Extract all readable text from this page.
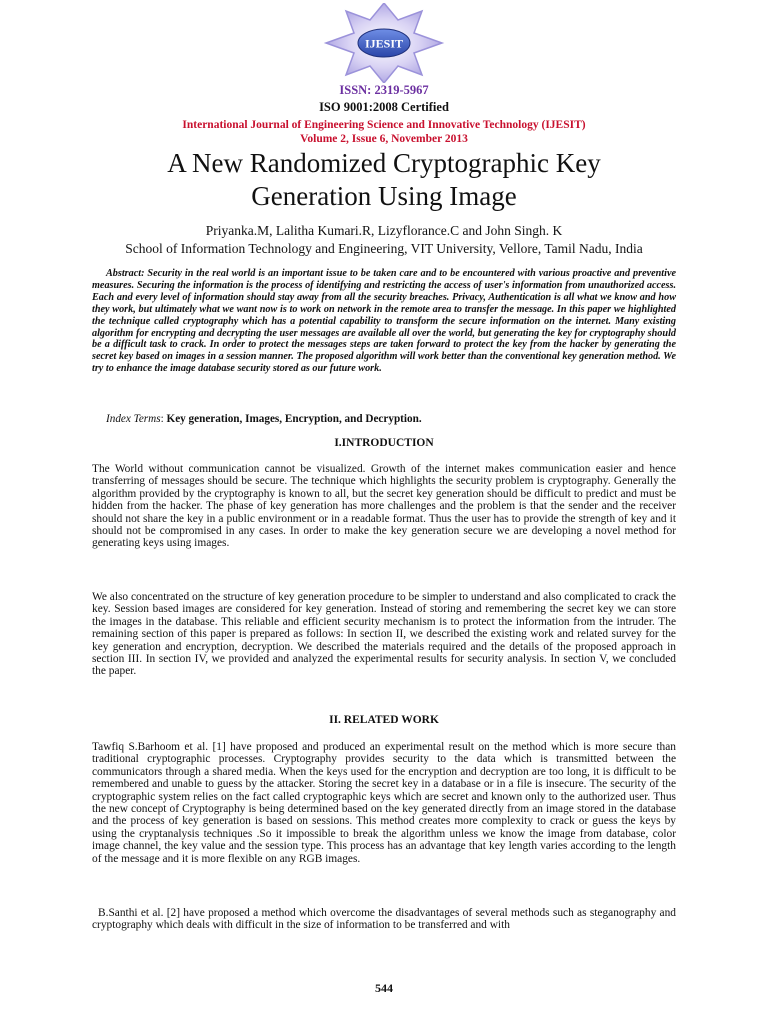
IJESIT
ISSN: 2319-5967
ISO 9001:2008 Certified
International Journal of Engineering Science and Innovative Technology (IJESIT)
Volume 2, Issue 6, November 2013
A New Randomized Cryptographic Key
Generation Using Image
Priyanka.M, Lalitha Kumari.R, Lizyflorance.C and John Singh. K
School of Information Technology and Engineering, VIT University, Vellore, Tamil Nadu, India
Abstract: Security in the real world is an important issue to be taken care and to be encountered with various proactive and preventive measures. Securing the information is the process of identifying and restricting the access of user's information from unauthorized access. Each and every level of information should stay away from all the security breaches. Privacy, Authentication is all what we know and how they work, but ultimately what we want now is to work on network in the remote area to transfer the message. In this paper we highlighted the technique called cryptography which has a potential capability to transform the secure information on the internet. Many existing algorithm for encrypting and decrypting the user messages are available all over the world, but generating the key for cryptography should be a difficult task to crack. In order to protect the messages steps are taken forward to protect the key from the hacker by generating the secret key based on images in a session manner. The proposed algorithm will work better than the conventional key generation method. We try to enhance the image database security stored as our future work.
Index Terms: Key generation, Images, Encryption, and Decryption.
I.INTRODUCTION
The World without communication cannot be visualized. Growth of the internet makes communication easier and hence transferring of messages should be secure. The technique which highlights the security problem is cryptography. Generally the algorithm provided by the cryptography is known to all, but the secret key generation should be difficult to predict and must be hidden from the hacker. The phase of key generation has more challenges and the problem is that the sender and the receiver should not share the key in a public environment or in a readable format. Thus the user has to provide the strength of key and it should not be compromised in any cases. In order to make the key generation secure we are developing a novel method for generating keys using images.
We also concentrated on the structure of key generation procedure to be simpler to understand and also complicated to crack the key. Session based images are considered for key generation. Instead of storing and remembering the secret key we can store the images in the database. This reliable and efficient security mechanism is to protect the information from the intruder. The remaining section of this paper is prepared as follows: In section II, we described the existing work and related survey for the key generation and encryption, decryption. We described the materials required and the details of the proposed approach in section III. In section IV, we provided and analyzed the experimental results for security analysis. In section V, we concluded the paper.
II. RELATED WORK
Tawfiq S.Barhoom et al. [1] have proposed and produced an experimental result on the method which is more secure than traditional cryptographic processes. Cryptography provides security to the data which is transmitted between the communicators through a shared media. When the keys used for the encryption and decryption are too long, it is difficult to be remembered and unable to guess by the attacker. Storing the secret key in a database or in a file is insecure. The security of the cryptographic system relies on the fact called cryptographic keys which are secret and known only to the authorized user. Thus the new concept of Cryptography is being determined based on the key generated directly from an image stored in the database and the process of key generation is based on sessions. This method creates more complexity to crack or guess the keys by using the cryptanalysis techniques .So it impossible to break the algorithm unless we know the image from database, color image channel, the key value and the session type. This process has an advantage that key length varies according to the length of the message and it is more flexible on any RGB images.
B.Santhi et al. [2] have proposed a method which overcome the disadvantages of several methods such as steganography and cryptography which deals with difficult in the size of information to be transferred and with
544
